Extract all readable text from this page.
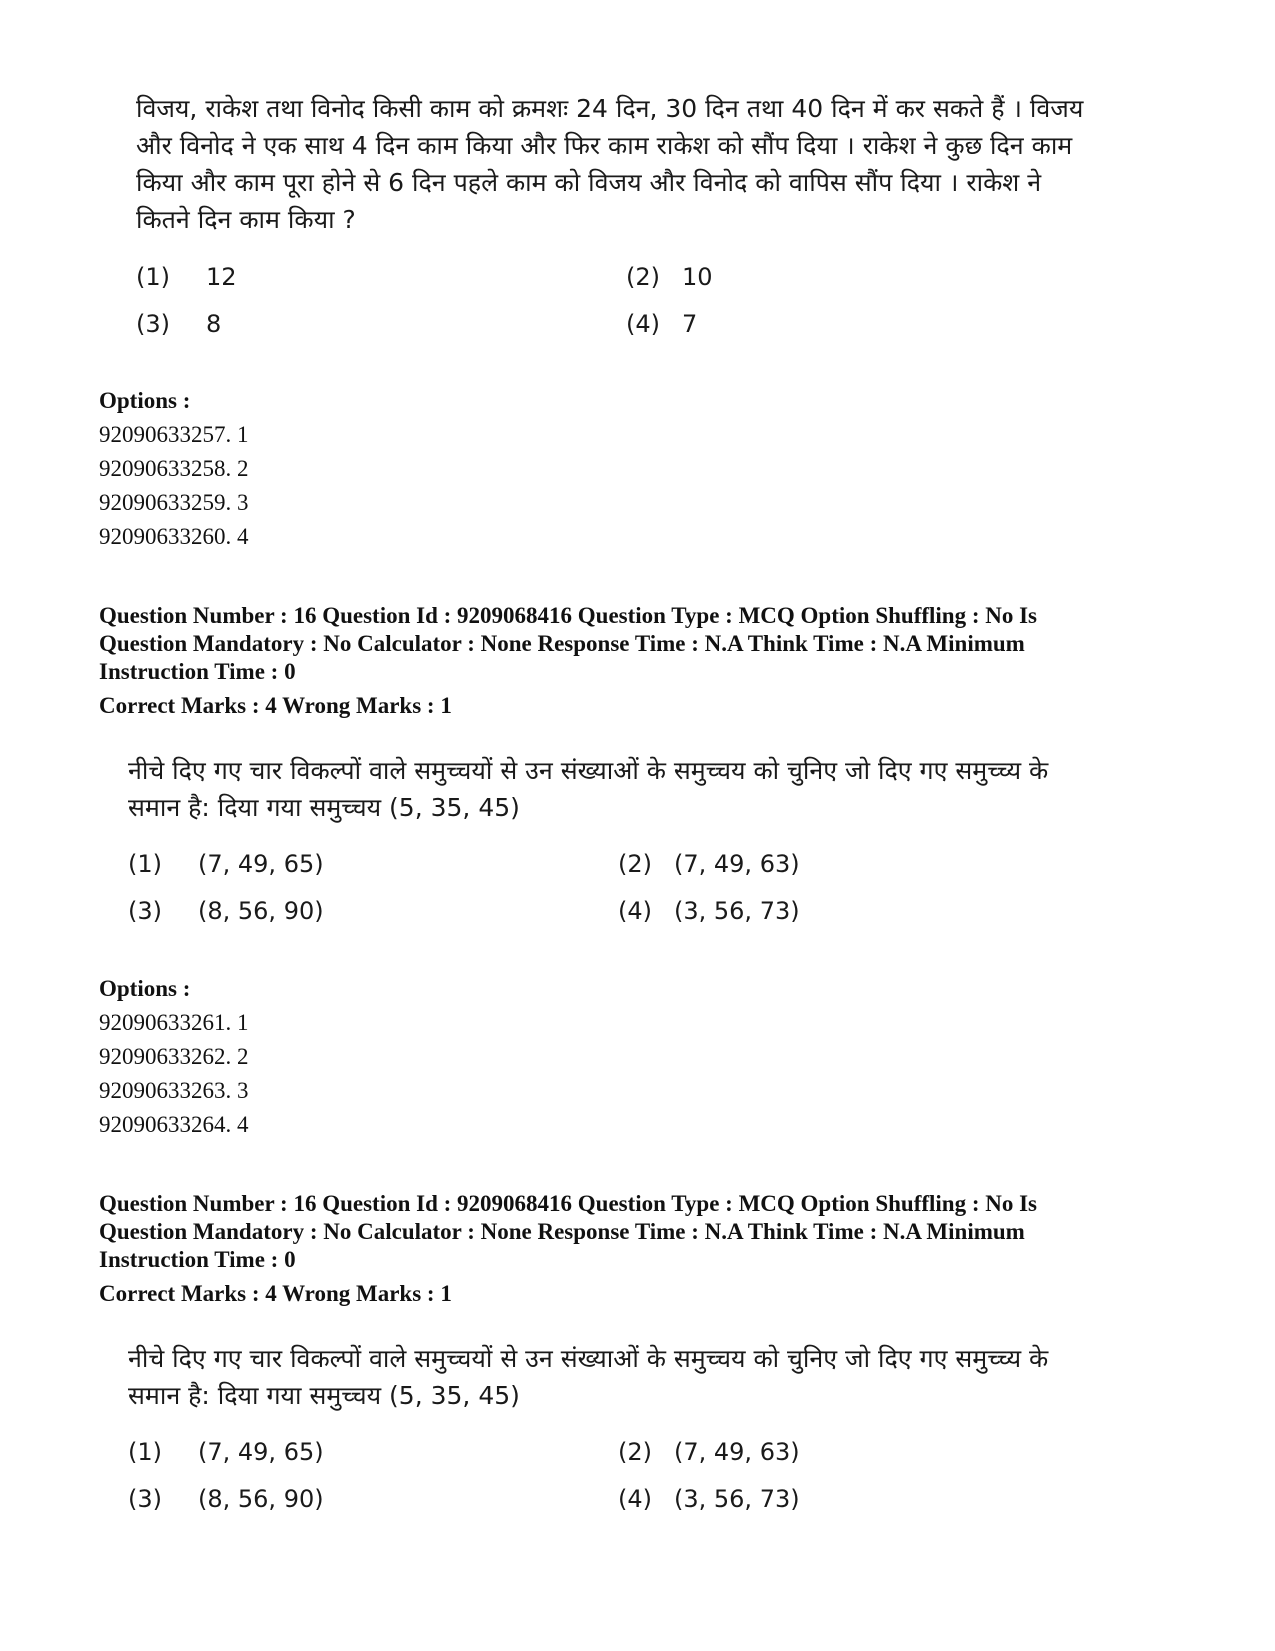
विजय, राकेश तथा विनोद किसी काम को क्रमशः 24 दिन, 30 दिन तथा 40 दिन में कर सकते हैं । विजय
और विनोद ने एक साथ 4 दिन काम किया और फिर काम राकेश को सौंप दिया । राकेश ने कुछ दिन काम
किया और काम पूरा होने से 6 दिन पहले काम को विजय और विनोद को वापिस सौंप दिया । राकेश ने
कितने दिन काम किया ?
(1)	12	(2) 10
(3)	8	(4) 7
Options :
92090633257. 1
92090633258. 2
92090633259. 3
92090633260. 4
Question Number : 16 Question Id : 9209068416 Question Type : MCQ Option Shuffling : No Is
Question Mandatory : No Calculator : None Response Time : N.A Think Time : N.A Minimum
Instruction Time : 0
Correct Marks : 4 Wrong Marks : 1
नीचे दिए गए चार विकल्पों वाले समुच्चयों से उन संख्याओं के समुच्चय को चुनिए जो दिए गए समुच्च्य के
समान है: दिया गया समुच्चय (5, 35, 45)
(1)	(7, 49, 65)	(2) (7, 49, 63)
(3)	(8, 56, 90)	(4) (3, 56, 73)
Options :
92090633261. 1
92090633262. 2
92090633263. 3
92090633264. 4
Question Number : 16 Question Id : 9209068416 Question Type : MCQ Option Shuffling : No Is
Question Mandatory : No Calculator : None Response Time : N.A Think Time : N.A Minimum
Instruction Time : 0
Correct Marks : 4 Wrong Marks : 1
नीचे दिए गए चार विकल्पों वाले समुच्चयों से उन संख्याओं के समुच्चय को चुनिए जो दिए गए समुच्च्य के
समान है: दिया गया समुच्चय (5, 35, 45)
(1)	(7, 49, 65)	(2) (7, 49, 63)
(3)	(8, 56, 90)	(4) (3, 56, 73)
